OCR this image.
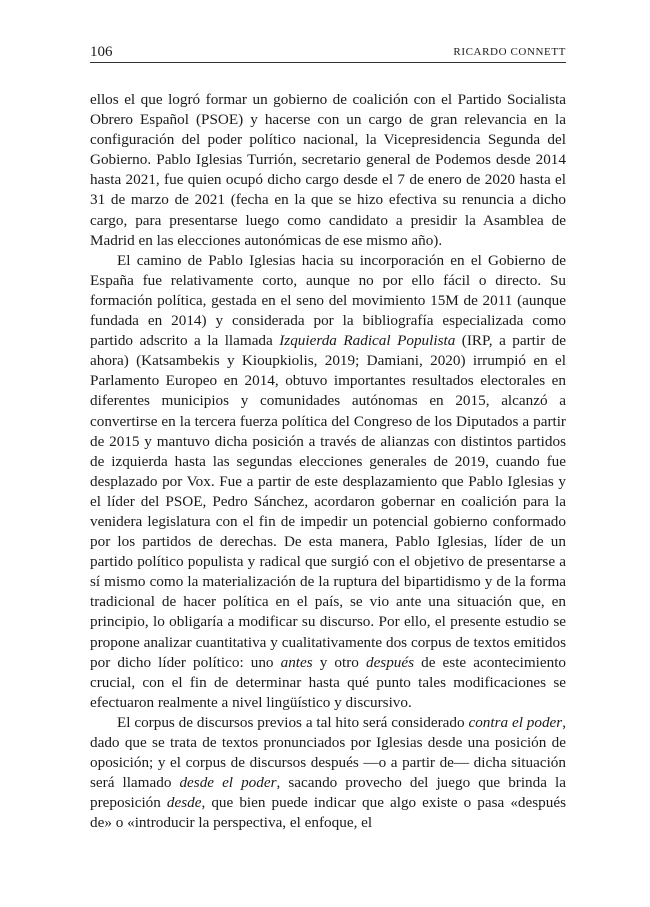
106	RICARDO CONNETT

ellos el que logró formar un gobierno de coalición con el Partido Socialista Obrero Español (PSOE) y hacerse con un cargo de gran relevancia en la configuración del poder político nacional, la Vicepresidencia Segunda del Gobierno. Pablo Iglesias Turrión, secretario general de Podemos desde 2014 hasta 2021, fue quien ocupó dicho cargo desde el 7 de enero de 2020 hasta el 31 de marzo de 2021 (fecha en la que se hizo efectiva su renuncia a dicho cargo, para presentarse luego como candidato a presidir la Asamblea de Madrid en las elecciones autonómicas de ese mismo año).

El camino de Pablo Iglesias hacia su incorporación en el Gobierno de España fue relativamente corto, aunque no por ello fácil o directo. Su formación política, gestada en el seno del movimiento 15M de 2011 (aunque fundada en 2014) y considerada por la bibliografía especializada como partido adscrito a la llamada Izquierda Radical Populista (IRP, a partir de ahora) (Katsambekis y Kioupkiolis, 2019; Damiani, 2020) irrumpió en el Parlamento Europeo en 2014, obtuvo importantes resultados electorales en diferentes municipios y comunidades autónomas en 2015, alcanzó a convertirse en la tercera fuerza política del Congreso de los Diputados a partir de 2015 y mantuvo dicha posición a través de alianzas con distintos partidos de izquierda hasta las segundas elecciones generales de 2019, cuando fue desplazado por Vox. Fue a partir de este desplazamiento que Pablo Iglesias y el líder del PSOE, Pedro Sánchez, acordaron gobernar en coalición para la venidera legislatura con el fin de impedir un potencial gobierno conformado por los partidos de derechas. De esta manera, Pablo Iglesias, líder de un partido político populista y radical que surgió con el objetivo de presentarse a sí mismo como la materialización de la ruptura del bipartidismo y de la forma tradicional de hacer política en el país, se vio ante una situación que, en principio, lo obligaría a modificar su discurso. Por ello, el presente estudio se propone analizar cuantitativa y cualitativamente dos corpus de textos emitidos por dicho líder político: uno antes y otro después de este acontecimiento crucial, con el fin de determinar hasta qué punto tales modificaciones se efectuaron realmente a nivel lingüístico y discursivo.

El corpus de discursos previos a tal hito será considerado contra el poder, dado que se trata de textos pronunciados por Iglesias desde una posición de oposición; y el corpus de discursos después —o a partir de— dicha situación será llamado desde el poder, sacando provecho del juego que brinda la preposición desde, que bien puede indicar que algo existe o pasa «después de» o «introducir la perspectiva, el enfoque, el
